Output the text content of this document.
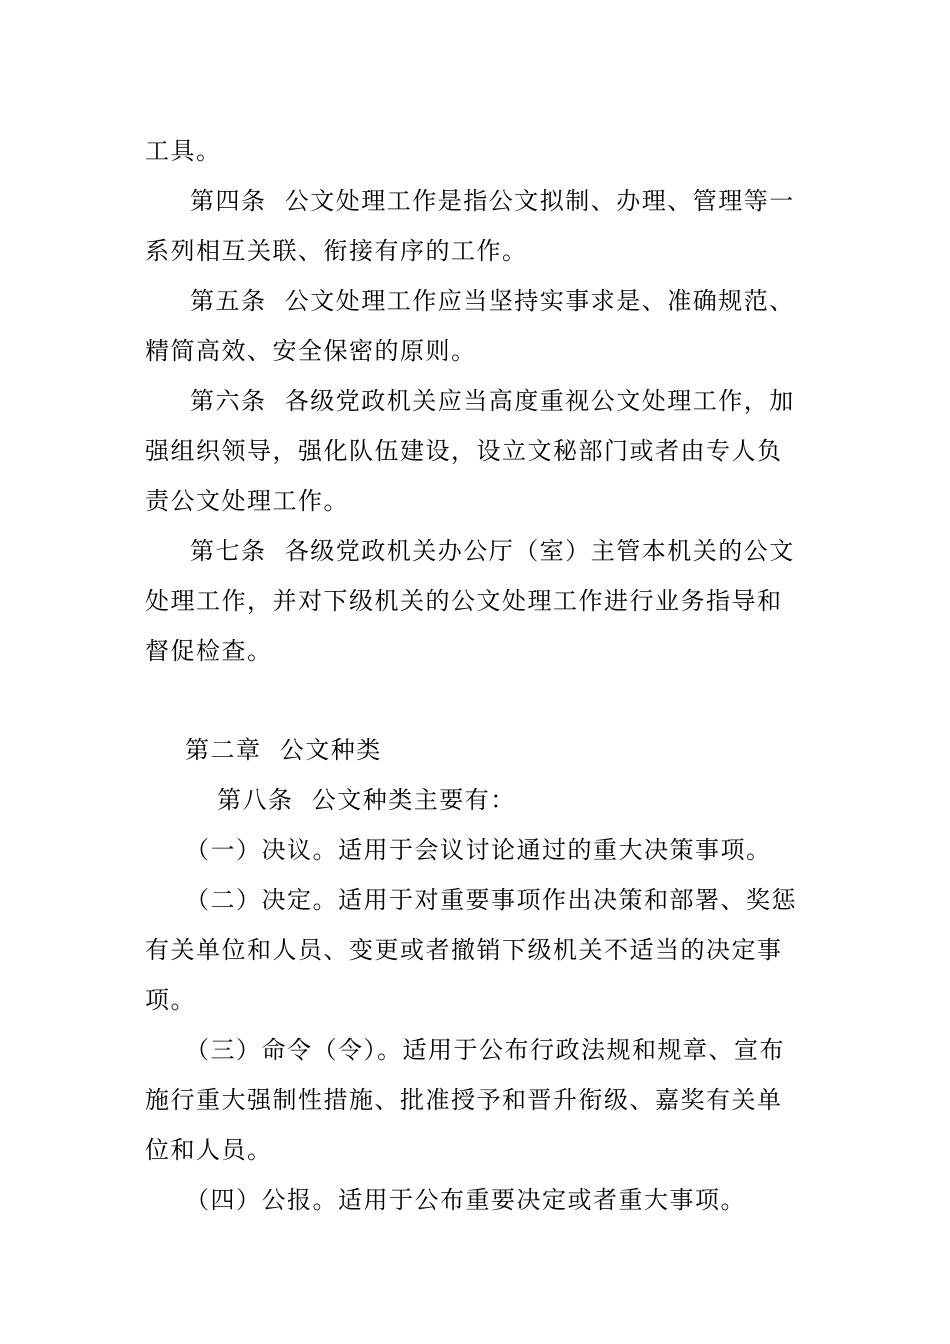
工具。
第四条  公文处理工作是指公文拟制、办理、管理等一
系列相互关联、衔接有序的工作。
第五条  公文处理工作应当坚持实事求是、准确规范、
精简高效、安全保密的原则。
第六条  各级党政机关应当高度重视公文处理工作，加
强组织领导，强化队伍建设，设立文秘部门或者由专人负
责公文处理工作。
第七条  各级党政机关办公厅（室）主管本机关的公文
处理工作，并对下级机关的公文处理工作进行业务指导和
督促检查。
第二章  公文种类
第八条  公文种类主要有：
（一）决议。适用于会议讨论通过的重大决策事项。
（二）决定。适用于对重要事项作出决策和部署、奖惩
有关单位和人员、变更或者撤销下级机关不适当的决定事
项。
（三）命令（令）。适用于公布行政法规和规章、宣布
施行重大强制性措施、批准授予和晋升衔级、嘉奖有关单
位和人员。
（四）公报。适用于公布重要决定或者重大事项。
